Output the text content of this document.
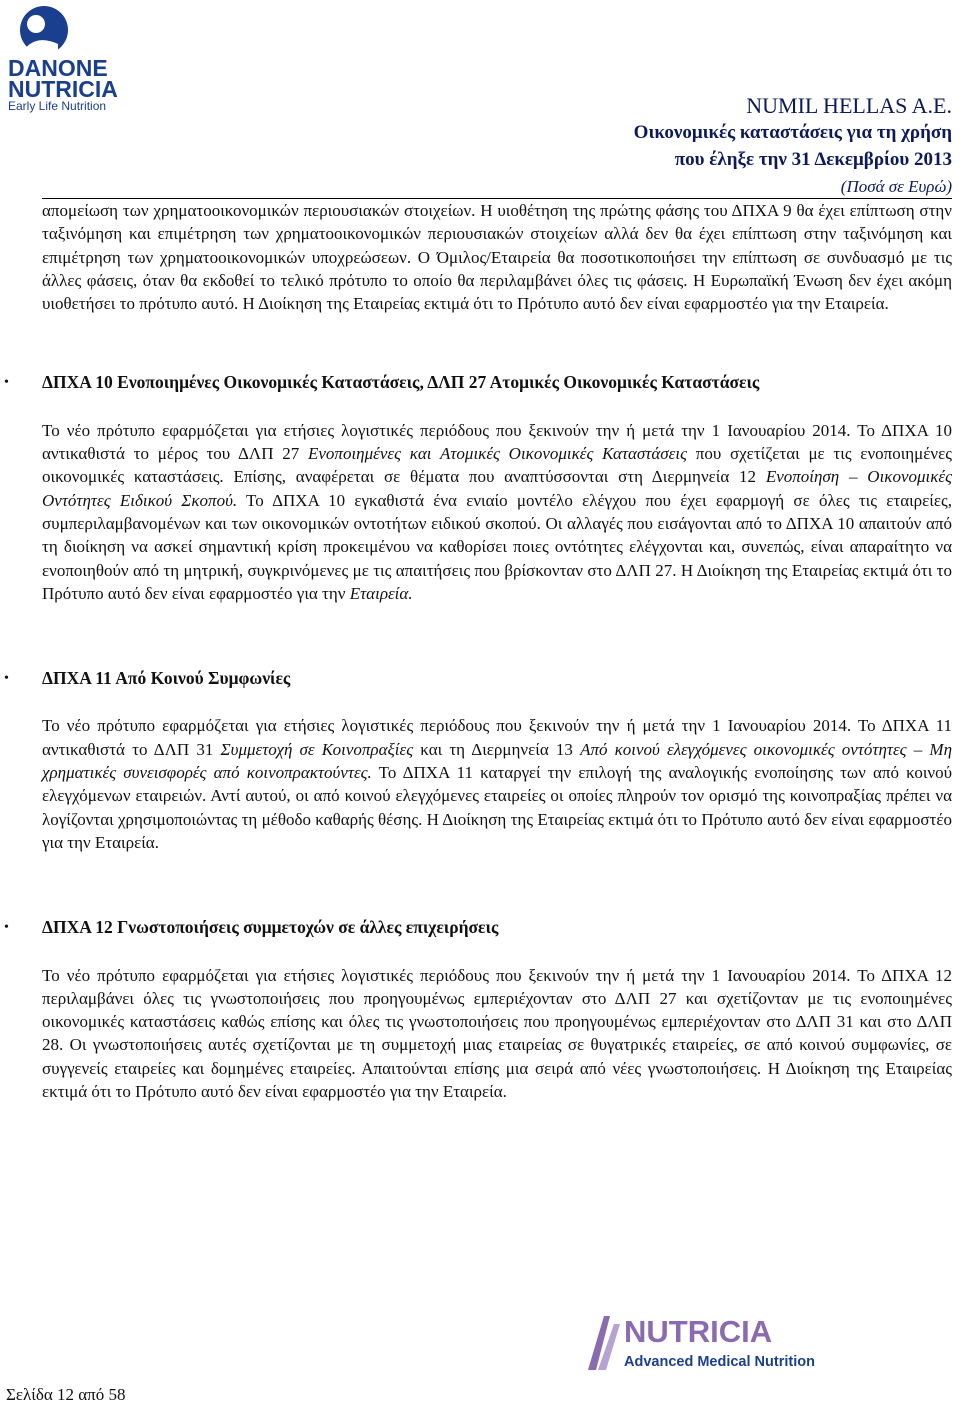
DANONE
NUTRICIA
Early Life Nutrition	NUMIL HELLAS A.E.
Οικονομικές καταστάσεις για τη χρήση
που έληξε την 31 Δεκεμβρίου 2013
(Ποσά σε Ευρώ)

απομείωση των χρηματοοικονομικών περιουσιακών στοιχείων. Η υιοθέτηση της πρώτης φάσης του ΔΠΧΑ 9 θα έχει επίπτωση στην ταξινόμηση και επιμέτρηση των χρηματοοικονομικών περιουσιακών στοιχείων αλλά δεν θα έχει επίπτωση στην ταξινόμηση και επιμέτρηση των χρηματοοικονομικών υποχρεώσεων. Ο Όμιλος/Εταιρεία θα ποσοτικοποιήσει την επίπτωση σε συνδυασμό με τις άλλες φάσεις, όταν θα εκδοθεί το τελικό πρότυπο το οποίο θα περιλαμβάνει όλες τις φάσεις. Η Ευρωπαϊκή Ένωση δεν έχει ακόμη υιοθετήσει το πρότυπο αυτό. Η Διοίκηση της Εταιρείας εκτιμά ότι το Πρότυπο αυτό δεν είναι εφαρμοστέο για την Εταιρεία.

• ΔΠΧΑ 10 Ενοποιημένες Οικονομικές Καταστάσεις, ΔΛΠ 27 Ατομικές Οικονομικές Καταστάσεις

Το νέο πρότυπο εφαρμόζεται για ετήσιες λογιστικές περιόδους που ξεκινούν την ή μετά την 1 Ιανουαρίου 2014. Το ΔΠΧΑ 10 αντικαθιστά το μέρος του ΔΛΠ 27 Ενοποιημένες και Ατομικές Οικονομικές Καταστάσεις που σχετίζεται με τις ενοποιημένες οικονομικές καταστάσεις. Επίσης, αναφέρεται σε θέματα που αναπτύσσονται στη Διερμηνεία 12 Ενοποίηση – Οικονομικές Οντότητες Ειδικού Σκοπού. Το ΔΠΧΑ 10 εγκαθιστά ένα ενιαίο μοντέλο ελέγχου που έχει εφαρμογή σε όλες τις εταιρείες, συμπεριλαμβανομένων και των οικονομικών οντοτήτων ειδικού σκοπού. Οι αλλαγές που εισάγονται από το ΔΠΧΑ 10 απαιτούν από τη διοίκηση να ασκεί σημαντική κρίση προκειμένου να καθορίσει ποιες οντότητες ελέγχονται και, συνεπώς, είναι απαραίτητο να ενοποιηθούν από τη μητρική, συγκρινόμενες με τις απαιτήσεις που βρίσκονταν στο ΔΛΠ 27. Η Διοίκηση της Εταιρείας εκτιμά ότι το Πρότυπο αυτό δεν είναι εφαρμοστέο για την Εταιρεία.

• ΔΠΧΑ 11 Από Κοινού Συμφωνίες

Το νέο πρότυπο εφαρμόζεται για ετήσιες λογιστικές περιόδους που ξεκινούν την ή μετά την 1 Ιανουαρίου 2014. Το ΔΠΧΑ 11 αντικαθιστά το ΔΛΠ 31 Συμμετοχή σε Κοινοπραξίες και τη Διερμηνεία 13 Από κοινού ελεγχόμενες οικονομικές οντότητες – Μη χρηματικές συνεισφορές από κοινοπρακτούντες. Το ΔΠΧΑ 11 καταργεί την επιλογή της αναλογικής ενοποίησης των από κοινού ελεγχόμενων εταιρειών. Αντί αυτού, οι από κοινού ελεγχόμενες εταιρείες οι οποίες πληρούν τον ορισμό της κοινοπραξίας πρέπει να λογίζονται χρησιμοποιώντας τη μέθοδο καθαρής θέσης. Η Διοίκηση της Εταιρείας εκτιμά ότι το Πρότυπο αυτό δεν είναι εφαρμοστέο για την Εταιρεία.

• ΔΠΧΑ 12 Γνωστοποιήσεις συμμετοχών σε άλλες επιχειρήσεις

Το νέο πρότυπο εφαρμόζεται για ετήσιες λογιστικές περιόδους που ξεκινούν την ή μετά την 1 Ιανουαρίου 2014. Το ΔΠΧΑ 12 περιλαμβάνει όλες τις γνωστοποιήσεις που προηγουμένως εμπεριέχονταν στο ΔΛΠ 27 και σχετίζονταν με τις ενοποιημένες οικονομικές καταστάσεις καθώς επίσης και όλες τις γνωστοποιήσεις που προηγουμένως εμπεριέχονταν στο ΔΛΠ 31 και στο ΔΛΠ 28. Οι γνωστοποιήσεις αυτές σχετίζονται με τη συμμετοχή μιας εταιρείας σε θυγατρικές εταιρείες, σε από κοινού συμφωνίες, σε συγγενείς εταιρείες και δομημένες εταιρείες. Απαιτούνται επίσης μια σειρά από νέες γνωστοποιήσεις. Η Διοίκηση της Εταιρείας εκτιμά ότι το Πρότυπο αυτό δεν είναι εφαρμοστέο για την Εταιρεία.

NUTRICIA
Advanced Medical Nutrition
Σελίδα 12 από 58
